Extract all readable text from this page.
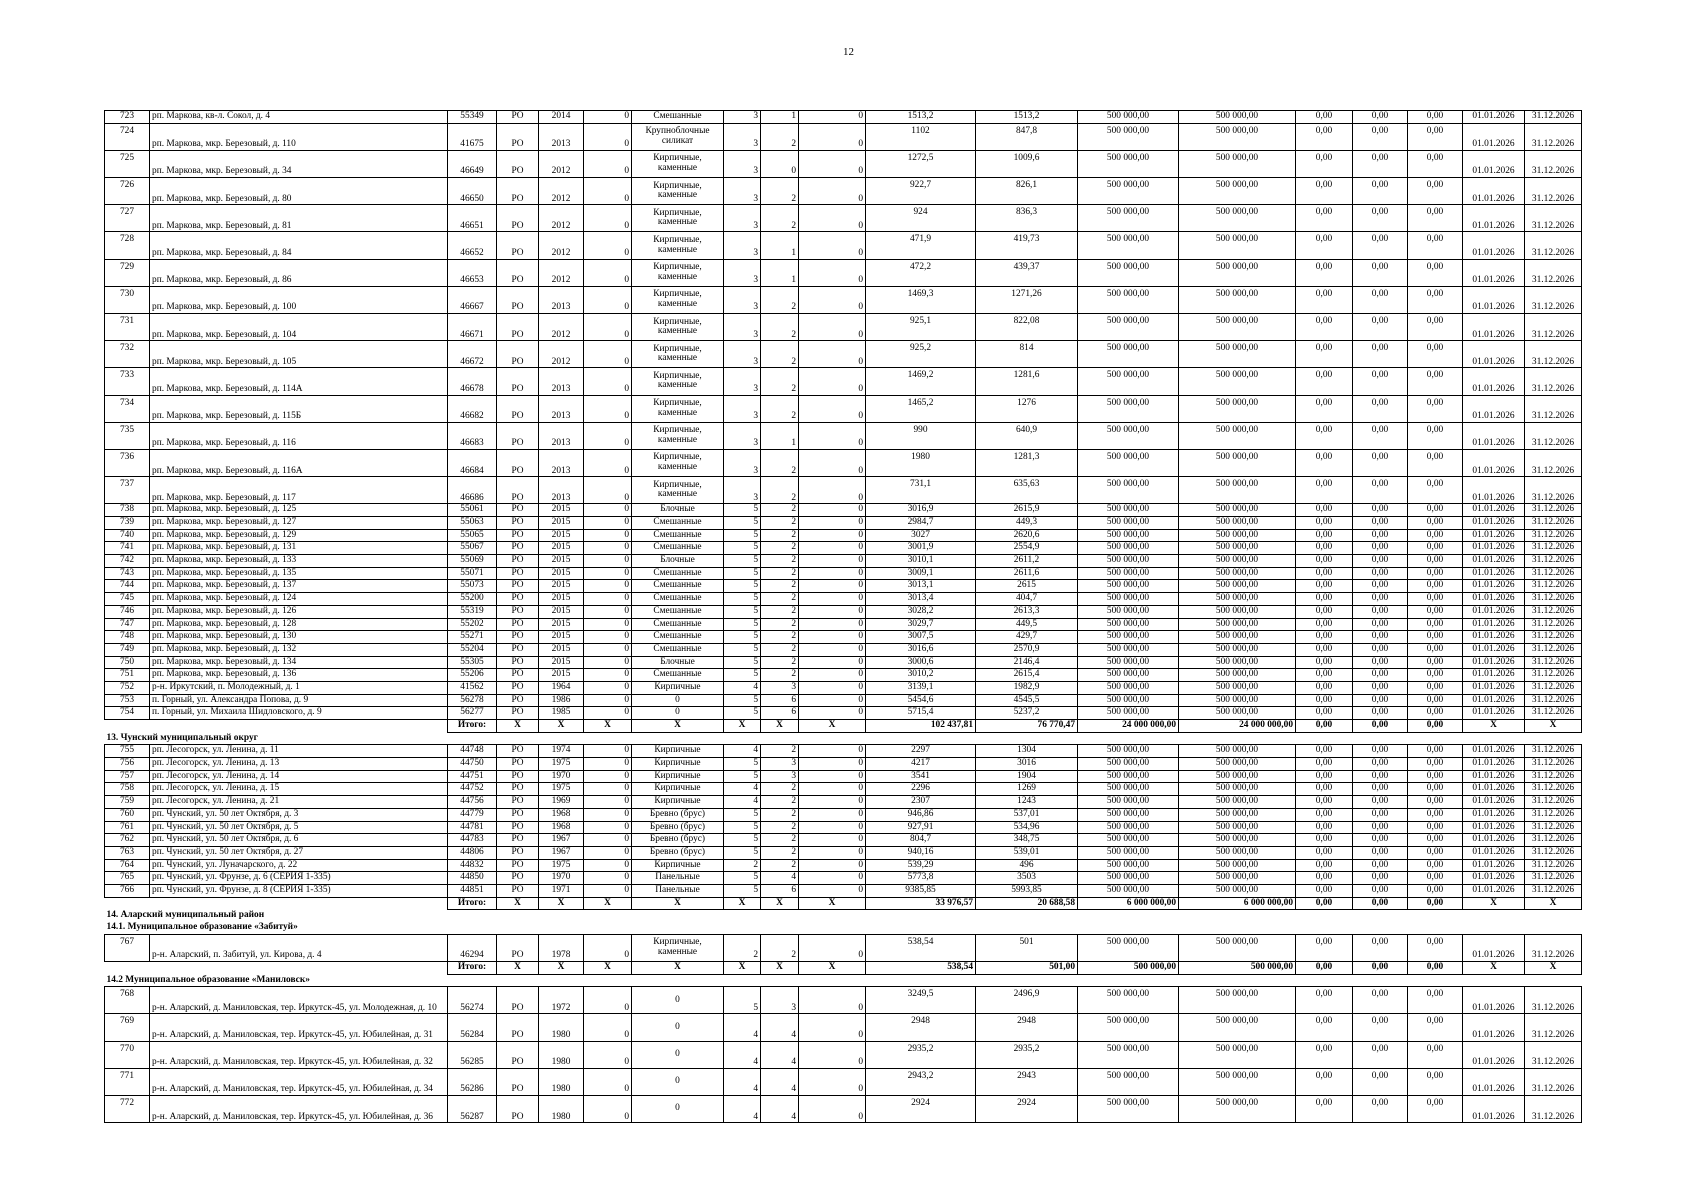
12
723	рп. Маркова, кв-л. Сокол, д. 4	55349	РО	2014	0	Смешанные	3	1	0	1513,2	1513,2	500 000,00	500 000,00	0,00	0,00	0,00	01.01.2026	31.12.2026
724	рп. Маркова, мкр. Березовый, д. 110	41675	РО	2013	0	Крупноблочные силикат	3	2	0	1102	847,8	500 000,00	500 000,00	0,00	0,00	0,00	01.01.2026	31.12.2026
725	рп. Маркова, мкр. Березовый, д. 34	46649	РО	2012	0	Кирпичные, каменные	3	0	0	1272,5	1009,6	500 000,00	500 000,00	0,00	0,00	0,00	01.01.2026	31.12.2026
726	рп. Маркова, мкр. Березовый, д. 80	46650	РО	2012	0	Кирпичные, каменные	3	2	0	922,7	826,1	500 000,00	500 000,00	0,00	0,00	0,00	01.01.2026	31.12.2026
727	рп. Маркова, мкр. Березовый, д. 81	46651	РО	2012	0	Кирпичные, каменные	3	2	0	924	836,3	500 000,00	500 000,00	0,00	0,00	0,00	01.01.2026	31.12.2026
728	рп. Маркова, мкр. Березовый, д. 84	46652	РО	2012	0	Кирпичные, каменные	3	1	0	471,9	419,73	500 000,00	500 000,00	0,00	0,00	0,00	01.01.2026	31.12.2026
729	рп. Маркова, мкр. Березовый, д. 86	46653	РО	2012	0	Кирпичные, каменные	3	1	0	472,2	439,37	500 000,00	500 000,00	0,00	0,00	0,00	01.01.2026	31.12.2026
730	рп. Маркова, мкр. Березовый, д. 100	46667	РО	2013	0	Кирпичные, каменные	3	2	0	1469,3	1271,26	500 000,00	500 000,00	0,00	0,00	0,00	01.01.2026	31.12.2026
731	рп. Маркова, мкр. Березовый, д. 104	46671	РО	2012	0	Кирпичные, каменные	3	2	0	925,1	822,08	500 000,00	500 000,00	0,00	0,00	0,00	01.01.2026	31.12.2026
732	рп. Маркова, мкр. Березовый, д. 105	46672	РО	2012	0	Кирпичные, каменные	3	2	0	925,2	814	500 000,00	500 000,00	0,00	0,00	0,00	01.01.2026	31.12.2026
733	рп. Маркова, мкр. Березовый, д. 114А	46678	РО	2013	0	Кирпичные, каменные	3	2	0	1469,2	1281,6	500 000,00	500 000,00	0,00	0,00	0,00	01.01.2026	31.12.2026
734	рп. Маркова, мкр. Березовый, д. 115Б	46682	РО	2013	0	Кирпичные, каменные	3	2	0	1465,2	1276	500 000,00	500 000,00	0,00	0,00	0,00	01.01.2026	31.12.2026
735	рп. Маркова, мкр. Березовый, д. 116	46683	РО	2013	0	Кирпичные, каменные	3	1	0	990	640,9	500 000,00	500 000,00	0,00	0,00	0,00	01.01.2026	31.12.2026
736	рп. Маркова, мкр. Березовый, д. 116А	46684	РО	2013	0	Кирпичные, каменные	3	2	0	1980	1281,3	500 000,00	500 000,00	0,00	0,00	0,00	01.01.2026	31.12.2026
737	рп. Маркова, мкр. Березовый, д. 117	46686	РО	2013	0	Кирпичные, каменные	3	2	0	731,1	635,63	500 000,00	500 000,00	0,00	0,00	0,00	01.01.2026	31.12.2026
738	рп. Маркова, мкр. Березовый, д. 125	55061	РО	2015	0	Блочные	5	2	0	3016,9	2615,9	500 000,00	500 000,00	0,00	0,00	0,00	01.01.2026	31.12.2026
739	рп. Маркова, мкр. Березовый, д. 127	55063	РО	2015	0	Смешанные	5	2	0	2984,7	449,3	500 000,00	500 000,00	0,00	0,00	0,00	01.01.2026	31.12.2026
740	рп. Маркова, мкр. Березовый, д. 129	55065	РО	2015	0	Смешанные	5	2	0	3027	2620,6	500 000,00	500 000,00	0,00	0,00	0,00	01.01.2026	31.12.2026
741	рп. Маркова, мкр. Березовый, д. 131	55067	РО	2015	0	Смешанные	5	2	0	3001,9	2554,9	500 000,00	500 000,00	0,00	0,00	0,00	01.01.2026	31.12.2026
742	рп. Маркова, мкр. Березовый, д. 133	55069	РО	2015	0	Блочные	5	2	0	3010,1	2611,2	500 000,00	500 000,00	0,00	0,00	0,00	01.01.2026	31.12.2026
743	рп. Маркова, мкр. Березовый, д. 135	55071	РО	2015	0	Смешанные	5	2	0	3009,1	2611,6	500 000,00	500 000,00	0,00	0,00	0,00	01.01.2026	31.12.2026
744	рп. Маркова, мкр. Березовый, д. 137	55073	РО	2015	0	Смешанные	5	2	0	3013,1	2615	500 000,00	500 000,00	0,00	0,00	0,00	01.01.2026	31.12.2026
745	рп. Маркова, мкр. Березовый, д. 124	55200	РО	2015	0	Смешанные	5	2	0	3013,4	404,7	500 000,00	500 000,00	0,00	0,00	0,00	01.01.2026	31.12.2026
746	рп. Маркова, мкр. Березовый, д. 126	55319	РО	2015	0	Смешанные	5	2	0	3028,2	2613,3	500 000,00	500 000,00	0,00	0,00	0,00	01.01.2026	31.12.2026
747	рп. Маркова, мкр. Березовый, д. 128	55202	РО	2015	0	Смешанные	5	2	0	3029,7	449,5	500 000,00	500 000,00	0,00	0,00	0,00	01.01.2026	31.12.2026
748	рп. Маркова, мкр. Березовый, д. 130	55271	РО	2015	0	Смешанные	5	2	0	3007,5	429,7	500 000,00	500 000,00	0,00	0,00	0,00	01.01.2026	31.12.2026
749	рп. Маркова, мкр. Березовый, д. 132	55204	РО	2015	0	Смешанные	5	2	0	3016,6	2570,9	500 000,00	500 000,00	0,00	0,00	0,00	01.01.2026	31.12.2026
750	рп. Маркова, мкр. Березовый, д. 134	55305	РО	2015	0	Блочные	5	2	0	3000,6	2146,4	500 000,00	500 000,00	0,00	0,00	0,00	01.01.2026	31.12.2026
751	рп. Маркова, мкр. Березовый, д. 136	55206	РО	2015	0	Смешанные	5	2	0	3010,2	2615,4	500 000,00	500 000,00	0,00	0,00	0,00	01.01.2026	31.12.2026
752	р-н. Иркутский, п. Молодежный, д. 1	41562	РО	1964	0	Кирпичные	4	3	0	3139,1	1982,9	500 000,00	500 000,00	0,00	0,00	0,00	01.01.2026	31.12.2026
753	п. Горный, ул. Александра Попова, д. 9	56278	РО	1986	0	0	5	6	0	5454,6	4545,5	500 000,00	500 000,00	0,00	0,00	0,00	01.01.2026	31.12.2026
754	п. Горный, ул. Михаила Шидловского, д. 9	56277	РО	1985	0	0	5	6	0	5715,4	5237,2	500 000,00	500 000,00	0,00	0,00	0,00	01.01.2026	31.12.2026
		Итого:	Х	Х	Х	Х	Х	Х	Х	102 437,81	76 770,47	24 000 000,00	24 000 000,00	0,00	0,00	0,00	Х	Х
13. Чунский муниципальный округ																		
755	рп. Лесогорск, ул. Ленина, д. 11	44748	РО	1974	0	Кирпичные	4	2	0	2297	1304	500 000,00	500 000,00	0,00	0,00	0,00	01.01.2026	31.12.2026
756	рп. Лесогорск, ул. Ленина, д. 13	44750	РО	1975	0	Кирпичные	5	3	0	4217	3016	500 000,00	500 000,00	0,00	0,00	0,00	01.01.2026	31.12.2026
757	рп. Лесогорск, ул. Ленина, д. 14	44751	РО	1970	0	Кирпичные	5	3	0	3541	1904	500 000,00	500 000,00	0,00	0,00	0,00	01.01.2026	31.12.2026
758	рп. Лесогорск, ул. Ленина, д. 15	44752	РО	1975	0	Кирпичные	4	2	0	2296	1269	500 000,00	500 000,00	0,00	0,00	0,00	01.01.2026	31.12.2026
759	рп. Лесогорск, ул. Ленина, д. 21	44756	РО	1969	0	Кирпичные	4	2	0	2307	1243	500 000,00	500 000,00	0,00	0,00	0,00	01.01.2026	31.12.2026
760	рп. Чунский, ул. 50 лет Октября, д. 3	44779	РО	1968	0	Бревно (брус)	5	2	0	946,86	537,01	500 000,00	500 000,00	0,00	0,00	0,00	01.01.2026	31.12.2026
761	рп. Чунский, ул. 50 лет Октября, д. 5	44781	РО	1968	0	Бревно (брус)	5	2	0	927,91	534,96	500 000,00	500 000,00	0,00	0,00	0,00	01.01.2026	31.12.2026
762	рп. Чунский, ул. 50 лет Октября, д. 6	44783	РО	1967	0	Бревно (брус)	5	2	0	804,7	348,75	500 000,00	500 000,00	0,00	0,00	0,00	01.01.2026	31.12.2026
763	рп. Чунский, ул. 50 лет Октября, д. 27	44806	РО	1967	0	Бревно (брус)	5	2	0	940,16	539,01	500 000,00	500 000,00	0,00	0,00	0,00	01.01.2026	31.12.2026
764	рп. Чунский, ул. Луначарского, д. 22	44832	РО	1975	0	Кирпичные	2	2	0	539,29	496	500 000,00	500 000,00	0,00	0,00	0,00	01.01.2026	31.12.2026
765	рп. Чунский, ул. Фрунзе, д. 6 (СЕРИЯ 1-335)	44850	РО	1970	0	Панельные	5	4	0	5773,8	3503	500 000,00	500 000,00	0,00	0,00	0,00	01.01.2026	31.12.2026
766	рп. Чунский, ул. Фрунзе, д. 8 (СЕРИЯ 1-335)	44851	РО	1971	0	Панельные	5	6	0	9385,85	5993,85	500 000,00	500 000,00	0,00	0,00	0,00	01.01.2026	31.12.2026
		Итого:	Х	Х	Х	Х	Х	Х	Х	33 976,57	20 688,58	6 000 000,00	6 000 000,00	0,00	0,00	0,00	Х	Х
14. Аларский муниципальный район																		
14.1. Муниципальное образование «Забитуй»																		
767	р-н. Аларский, п. Забитуй, ул. Кирова, д. 4	46294	РО	1978	0	Кирпичные, каменные	2	2	0	538,54	501	500 000,00	500 000,00	0,00	0,00	0,00	01.01.2026	31.12.2026
		Итого:	Х	Х	Х	Х	Х	Х	Х	538,54	501,00	500 000,00	500 000,00	0,00	0,00	0,00	Х	Х
14.2 Муниципальное образование «Маниловск»																		
768	р-н. Аларский, д. Маниловская, тер. Иркутск-45, ул. Молодежная, д. 10	56274	РО	1972	0	0	5	3	0	3249,5	2496,9	500 000,00	500 000,00	0,00	0,00	0,00	01.01.2026	31.12.2026
769	р-н. Аларский, д. Маниловская, тер. Иркутск-45, ул. Юбилейная, д. 31	56284	РО	1980	0	0	4	4	0	2948	2948	500 000,00	500 000,00	0,00	0,00	0,00	01.01.2026	31.12.2026
770	р-н. Аларский, д. Маниловская, тер. Иркутск-45, ул. Юбилейная, д. 32	56285	РО	1980	0	0	4	4	0	2935,2	2935,2	500 000,00	500 000,00	0,00	0,00	0,00	01.01.2026	31.12.2026
771	р-н. Аларский, д. Маниловская, тер. Иркутск-45, ул. Юбилейная, д. 34	56286	РО	1980	0	0	4	4	0	2943,2	2943	500 000,00	500 000,00	0,00	0,00	0,00	01.01.2026	31.12.2026
772	р-н. Аларский, д. Маниловская, тер. Иркутск-45, ул. Юбилейная, д. 36	56287	РО	1980	0	0	4	4	0	2924	2924	500 000,00	500 000,00	0,00	0,00	0,00	01.01.2026	31.12.2026
